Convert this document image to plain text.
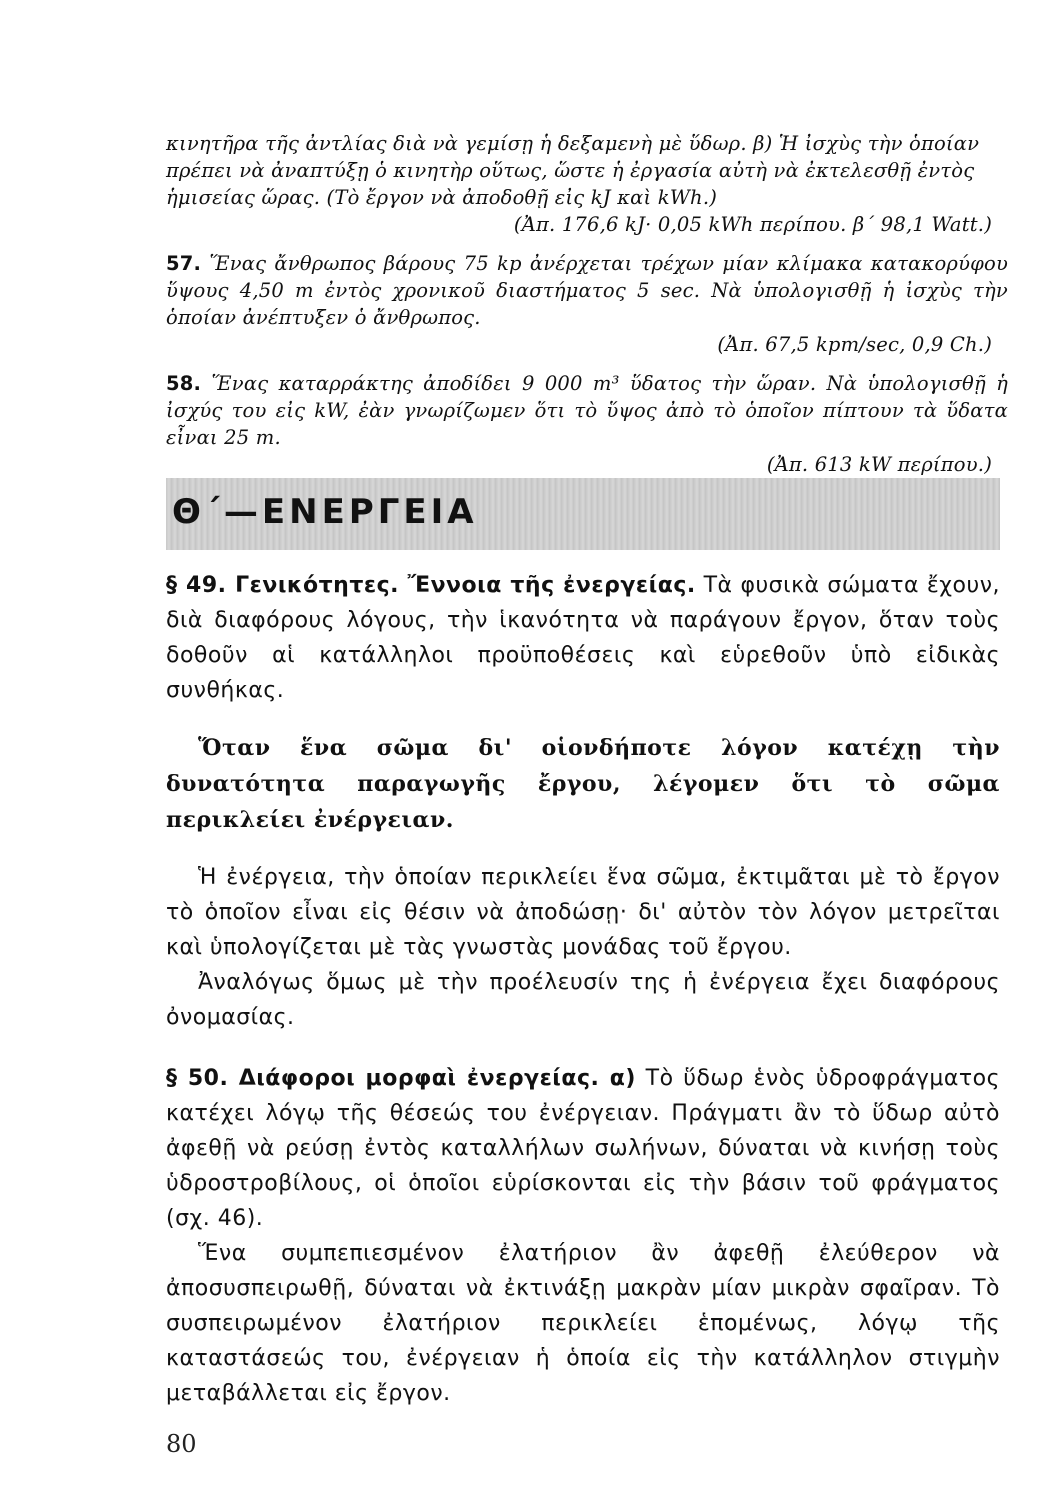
κινητῆρα τῆς ἀντλίας διὰ νὰ γεμίσῃ ἡ δεξαμενὴ μὲ ὕδωρ. β) Ἡ ἰσχὺς τὴν ὁποίαν

πρέπει νὰ ἀναπτύξῃ ὁ κινητὴρ οὕτως, ὥστε ἡ ἐργασία αὐτὴ νὰ ἐκτελεσθῇ ἐντὸς

ἡμισείας ὥρας. (Τὸ ἔργον νὰ ἀποδοθῇ εἰς kJ καὶ kWh.)

(Ἀπ. 176,6 kJ· 0,05 kWh περίπου. β΄ 98,1 Watt.)

57. Ἕνας ἄνθρωπος βάρους 75 kp ἀνέρχεται τρέχων μίαν κλίμακα κατακορύφου ὕψους 4,50 m ἐντὸς χρονικοῦ διαστήματος 5 sec. Νὰ ὑπολογισθῇ ἡ ἰσχὺς τὴν ὁποίαν ἀνέπτυξεν ὁ ἄνθρωπος.

(Ἀπ. 67,5 kpm/sec, 0,9 Ch.)

58. Ἕνας καταρράκτης ἀποδίδει 9 000 m³ ὕδατος τὴν ὥραν. Νὰ ὑπολογισθῇ ἡ ἰσχύς του εἰς kW, ἐὰν γνωρίζωμεν ὅτι τὸ ὕψος ἀπὸ τὸ ὁποῖον πίπτουν τὰ ὕδατα εἶναι 25 m.

(Ἀπ. 613 kW περίπου.)

Θ΄—ΕΝΕΡΓΕΙΑ

§ 49. Γενικότητες. Ἔννοια τῆς ἐνεργείας. Τὰ φυσικὰ σώματα ἔχουν, διὰ διαφόρους λόγους, τὴν ἱκανότητα νὰ παράγουν ἔργον, ὅταν τοὺς δοθοῦν αἱ κατάλληλοι προϋποθέσεις καὶ εὑρεθοῦν ὑπὸ εἰδικὰς συνθήκας.

Ὅταν ἕνα σῶμα δι' οἱονδήποτε λόγον κατέχῃ τὴν δυνατότητα παραγωγῆς ἔργου, λέγομεν ὅτι τὸ σῶμα περικλείει ἐνέργειαν.

Ἡ ἐνέργεια, τὴν ὁποίαν περικλείει ἕνα σῶμα, ἐκτιμᾶται μὲ τὸ ἔργον τὸ ὁποῖον εἶναι εἰς θέσιν νὰ ἀποδώσῃ· δι' αὐτὸν τὸν λόγον μετρεῖται καὶ ὑπολογίζεται μὲ τὰς γνωστὰς μονάδας τοῦ ἔργου.

Ἀναλόγως ὅμως μὲ τὴν προέλευσίν της ἡ ἐνέργεια ἔχει διαφόρους ὀνομασίας.

§ 50. Διάφοροι μορφαὶ ἐνεργείας. α) Τὸ ὕδωρ ἑνὸς ὑδροφράγματος κατέχει λόγῳ τῆς θέσεώς του ἐνέργειαν. Πράγματι ἂν τὸ ὕδωρ αὐτὸ ἀφεθῇ νὰ ρεύσῃ ἐντὸς καταλλήλων σωλήνων, δύναται νὰ κινήσῃ τοὺς ὑδροστροβίλους, οἱ ὁποῖοι εὑρίσκονται εἰς τὴν βάσιν τοῦ φράγματος (σχ. 46).

Ἕνα συμπεπιεσμένον ἐλατήριον ἂν ἀφεθῇ ἐλεύθερον νὰ ἀποσυσπειρωθῇ, δύναται νὰ ἐκτινάξῃ μακρὰν μίαν μικρὰν σφαῖραν. Τὸ συσπειρωμένον ἐλατήριον περικλείει ἑπομένως, λόγῳ τῆς καταστάσεώς του, ἐνέργειαν ἡ ὁποία εἰς τὴν κατάλληλον στιγμὴν μεταβάλλεται εἰς ἔργον.

80
